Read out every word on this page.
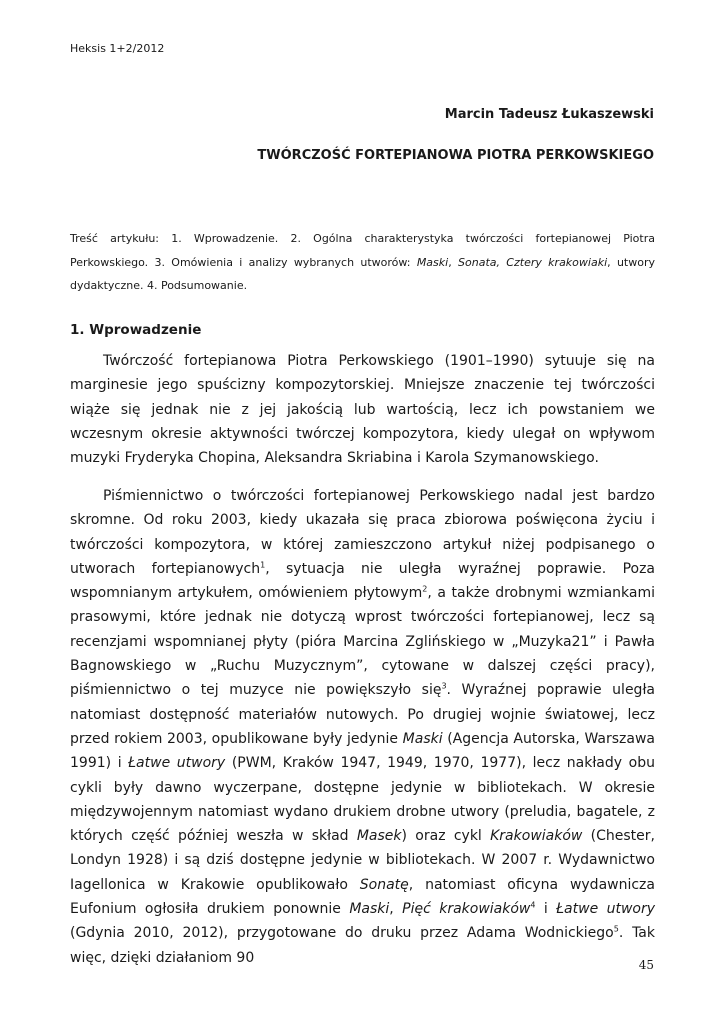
Heksis 1+2/2012
Marcin Tadeusz Łukaszewski
TWÓRCZOŚĆ FORTEPIANOWA PIOTRA PERKOWSKIEGO
Treść artykułu: 1. Wprowadzenie. 2. Ogólna charakterystyka twórczości fortepianowej Piotra Perkowskiego. 3. Omówienia i analizy wybranych utworów: Maski, Sonata, Cztery krakowiaki, utwory dydaktyczne. 4. Podsumowanie.
1. Wprowadzenie
Twórczość fortepianowa Piotra Perkowskiego (1901–1990) sytuuje się na marginesie jego spuścizny kompozytorskiej. Mniejsze znaczenie tej twórczości wiąże się jednak nie z jej jakością lub wartością, lecz ich powstaniem we wczesnym okresie aktywności twórczej kompozytora, kiedy ulegał on wpływom muzyki Fryderyka Chopina, Aleksandra Skriabina i Karola Szymanowskiego.
Piśmiennictwo o twórczości fortepianowej Perkowskiego nadal jest bardzo skromne. Od roku 2003, kiedy ukazała się praca zbiorowa poświęcona życiu i twórczości kompozytora, w której zamieszczono artykuł niżej podpisanego o utworach fortepianowych$^1$, sytuacja nie uległa wyraźnej poprawie. Poza wspomnianym artykułem, omówieniem płytowym$^2$, a także drobnymi wzmiankami prasowymi, które jednak nie dotyczą wprost twórczości fortepianowej, lecz są recenzjami wspomnianej płyty (pióra Marcina Zglińskiego w „Muzyka21” i Pawła Bagnowskiego w „Ruchu Muzycznym”, cytowane w dalszej części pracy), piśmiennictwo o tej muzyce nie powiększyło się$^3$. Wyraźnej poprawie uległa natomiast dostępność materiałów nutowych. Po drugiej wojnie światowej, lecz przed rokiem 2003, opublikowane były jedynie Maski (Agencja Autorska, Warszawa 1991) i Łatwe utwory (PWM, Kraków 1947, 1949, 1970, 1977), lecz nakłady obu cykli były dawno wyczerpane, dostępne jedynie w bibliotekach. W okresie międzywojennym natomiast wydano drukiem drobne utwory (preludia, bagatele, z których część później weszła w skład Masek) oraz cykl Krakowiaków (Chester, Londyn 1928) i są dziś dostępne jedynie w bibliotekach. W 2007 r. Wydawnictwo Iagellonica w Krakowie opublikowało Sonatę, natomiast oficyna wydawnicza Eufonium ogłosiła drukiem ponownie Maski, Pięć krakowiaków$^4$ i Łatwe utwory (Gdynia 2010, 2012), przygotowane do druku przez Adama Wodnickiego$^5$. Tak więc, dzięki działaniom 90	45
